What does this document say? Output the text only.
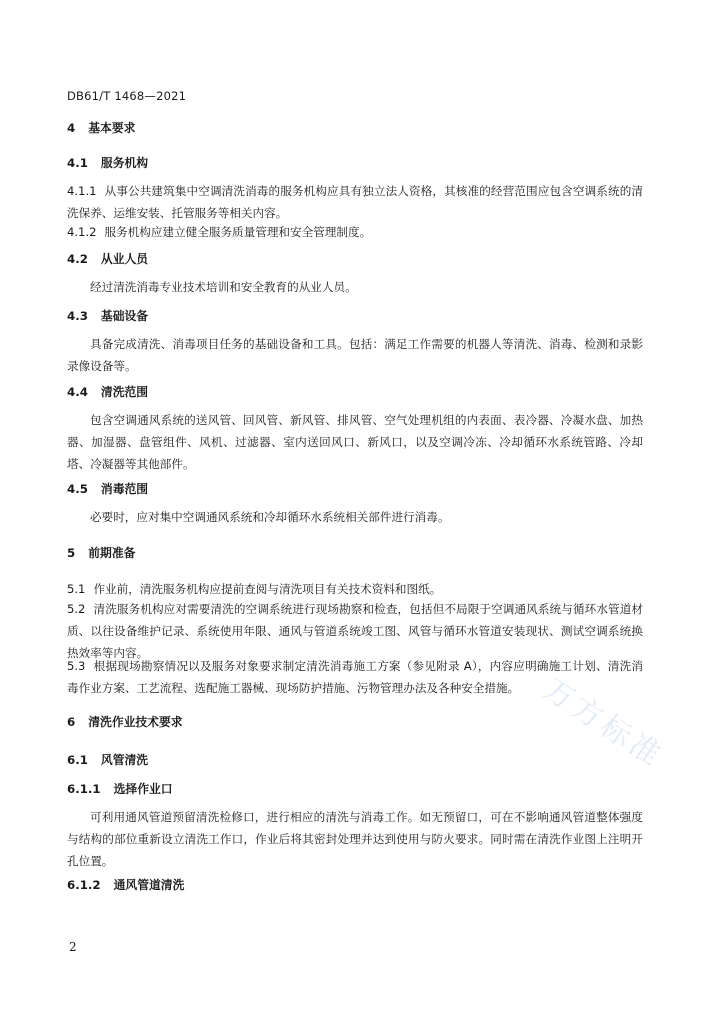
DB61/T 1468—2021
万方标准
4 基本要求
4.1 服务机构
4.1.1 从事公共建筑集中空调清洗消毒的服务机构应具有独立法人资格，其核准的经营范围应包含空调系统的清洗保养、运维安装、托管服务等相关内容。
4.1.2 服务机构应建立健全服务质量管理和安全管理制度。
4.2 从业人员
经过清洗消毒专业技术培训和安全教育的从业人员。
4.3 基础设备
具备完成清洗、消毒项目任务的基础设备和工具。包括：满足工作需要的机器人等清洗、消毒、检测和录影录像设备等。
4.4 清洗范围
包含空调通风系统的送风管、回风管、新风管、排风管、空气处理机组的内表面、表冷器、冷凝水盘、加热器、加湿器、盘管组件、风机、过滤器、室内送回风口、新风口，以及空调冷冻、冷却循环水系统管路、冷却塔、冷凝器等其他部件。
4.5 消毒范围
必要时，应对集中空调通风系统和冷却循环水系统相关部件进行消毒。
5 前期准备
5.1 作业前，清洗服务机构应提前查阅与清洗项目有关技术资料和图纸。
5.2 清洗服务机构应对需要清洗的空调系统进行现场勘察和检查，包括但不局限于空调通风系统与循环水管道材质、以往设备维护记录、系统使用年限、通风与管道系统竣工图、风管与循环水管道安装现状、测试空调系统换热效率等内容。
5.3 根据现场勘察情况以及服务对象要求制定清洗消毒施工方案（参见附录 A），内容应明确施工计划、清洗消毒作业方案、工艺流程、选配施工器械、现场防护措施、污物管理办法及各种安全措施。
6 清洗作业技术要求
6.1 风管清洗
6.1.1 选择作业口
可利用通风管道预留清洗检修口，进行相应的清洗与消毒工作。如无预留口，可在不影响通风管道整体强度与结构的部位重新设立清洗工作口，作业后将其密封处理并达到使用与防火要求。同时需在清洗作业图上注明开孔位置。
6.1.2 通风管道清洗
2
